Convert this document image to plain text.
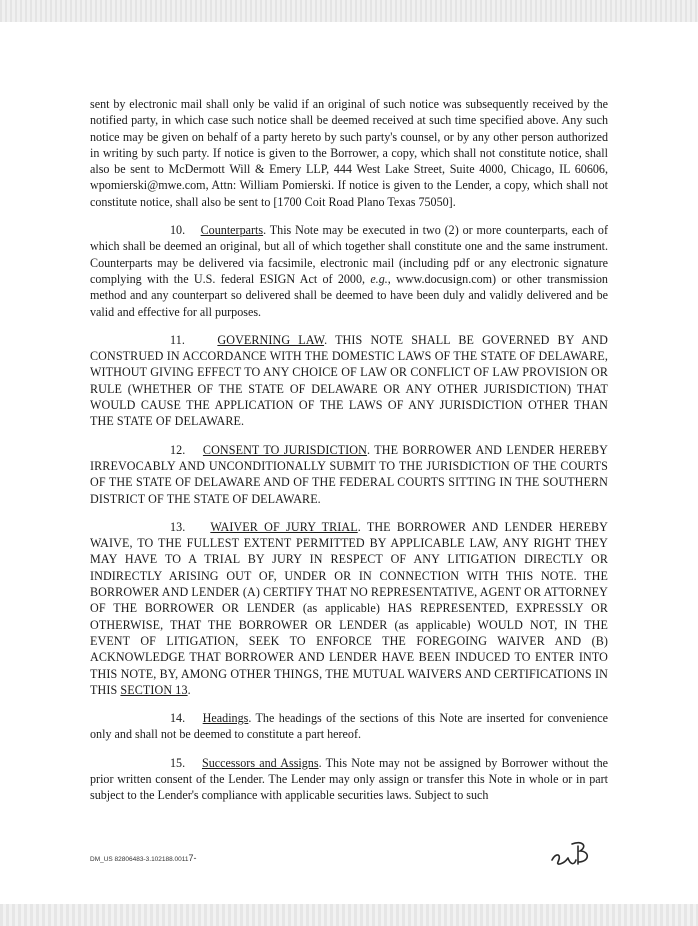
sent by electronic mail shall only be valid if an original of such notice was subsequently received by the notified party, in which case such notice shall be deemed received at such time specified above. Any such notice may be given on behalf of a party hereto by such party's counsel, or by any other person authorized in writing by such party. If notice is given to the Borrower, a copy, which shall not constitute notice, shall also be sent to McDermott Will & Emery LLP, 444 West Lake Street, Suite 4000, Chicago, IL 60606, wpomierski@mwe.com, Attn: William Pomierski. If notice is given to the Lender, a copy, which shall not constitute notice, shall also be sent to [1700 Coit Road Plano Texas 75050].

10. Counterparts. This Note may be executed in two (2) or more counterparts, each of which shall be deemed an original, but all of which together shall constitute one and the same instrument. Counterparts may be delivered via facsimile, electronic mail (including pdf or any electronic signature complying with the U.S. federal ESIGN Act of 2000, e.g., www.docusign.com) or other transmission method and any counterpart so delivered shall be deemed to have been duly and validly delivered and be valid and effective for all purposes.

11.	GOVERNING LAW. THIS NOTE SHALL BE GOVERNED BY AND CONSTRUED IN ACCORDANCE WITH THE DOMESTIC LAWS OF THE STATE OF DELAWARE, WITHOUT GIVING EFFECT TO ANY CHOICE OF LAW OR CONFLICT OF LAW PROVISION OR RULE (WHETHER OF THE STATE OF DELAWARE OR ANY OTHER JURISDICTION) THAT WOULD CAUSE THE APPLICATION OF THE LAWS OF ANY JURISDICTION OTHER THAN THE STATE OF DELAWARE.

12. CONSENT TO JURISDICTION. THE BORROWER AND LENDER HEREBY IRREVOCABLY AND UNCONDITIONALLY SUBMIT TO THE JURISDICTION OF THE COURTS OF THE STATE OF DELAWARE AND OF THE FEDERAL COURTS SITTING IN THE SOUTHERN DISTRICT OF THE STATE OF DELAWARE.

13. WAIVER OF JURY TRIAL. THE BORROWER AND LENDER HEREBY WAIVE, TO THE FULLEST EXTENT PERMITTED BY APPLICABLE LAW, ANY RIGHT THEY MAY HAVE TO A TRIAL BY JURY IN RESPECT OF ANY LITIGATION DIRECTLY OR INDIRECTLY ARISING OUT OF, UNDER OR IN CONNECTION WITH THIS NOTE. THE BORROWER AND LENDER (A) CERTIFY THAT NO REPRESENTATIVE, AGENT OR ATTORNEY OF THE BORROWER OR LENDER (as applicable) HAS REPRESENTED, EXPRESSLY OR OTHERWISE, THAT THE BORROWER OR LENDER (as applicable) WOULD NOT, IN THE EVENT OF LITIGATION, SEEK TO ENFORCE THE FOREGOING WAIVER AND (B) ACKNOWLEDGE THAT BORROWER AND LENDER HAVE BEEN INDUCED TO ENTER INTO THIS NOTE, BY, AMONG OTHER THINGS, THE MUTUAL WAIVERS AND CERTIFICATIONS IN THIS SECTION 13.

14. Headings. The headings of the sections of this Note are inserted for convenience only and shall not be deemed to constitute a part hereof.

15. Successors and Assigns. This Note may not be assigned by Borrower without the prior written consent of the Lender. The Lender may only assign or transfer this Note in whole or in part subject to the Lender's compliance with applicable securities laws. Subject to such

DM_US 82806483-3.102188.00117-
